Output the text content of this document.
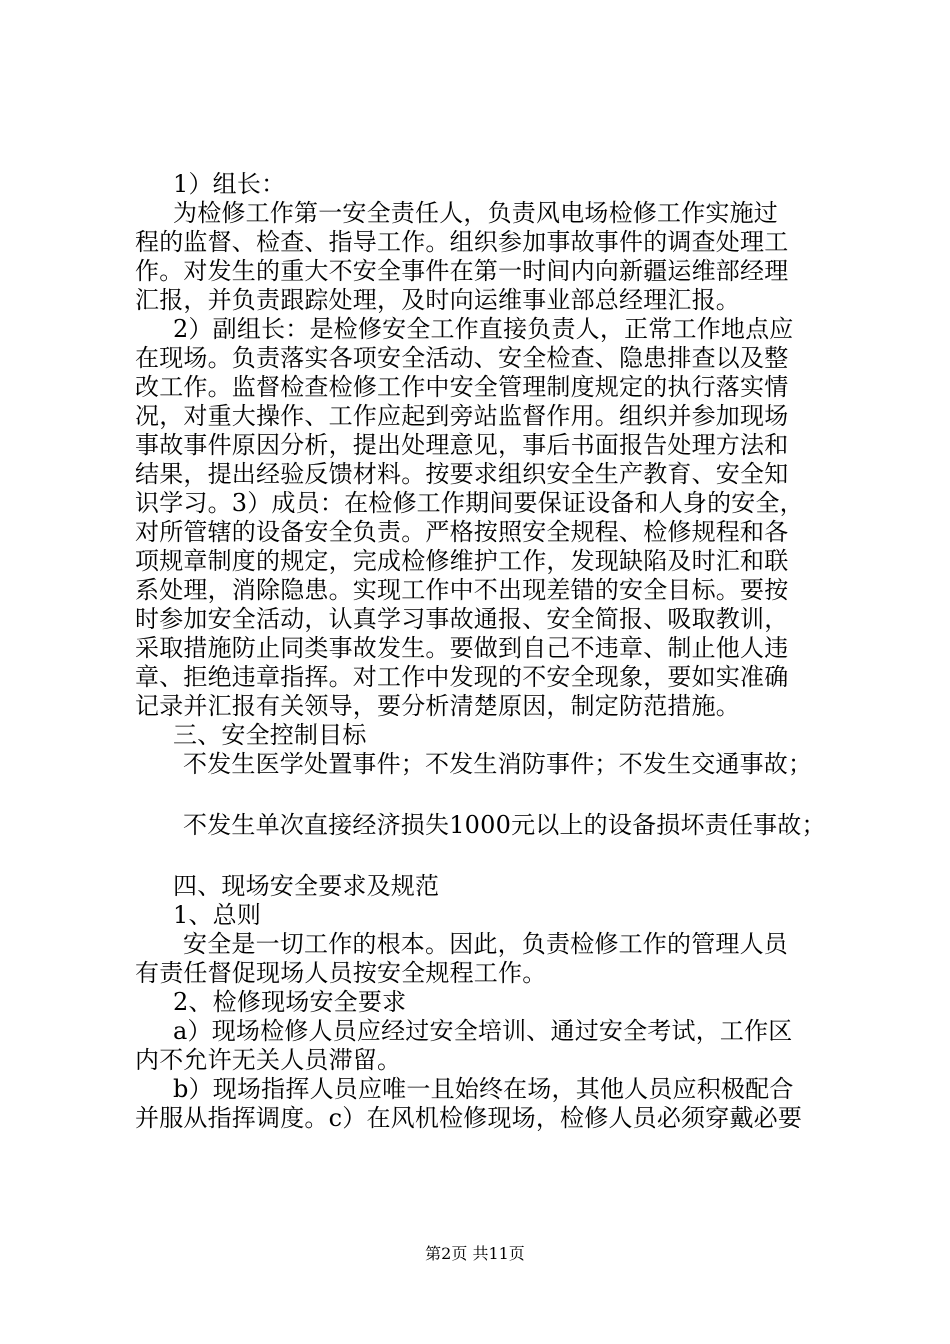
1）组长：
为检修工作第一安全责任人，负责风电场检修工作实施过
程的监督、检查、指导工作。组织参加事故事件的调查处理工
作。对发生的重大不安全事件在第一时间内向新疆运维部经理
汇报，并负责跟踪处理，及时向运维事业部总经理汇报。
2）副组长：是检修安全工作直接负责人，正常工作地点应
在现场。负责落实各项安全活动、安全检查、隐患排查以及整
改工作。监督检查检修工作中安全管理制度规定的执行落实情
况，对重大操作、工作应起到旁站监督作用。组织并参加现场
事故事件原因分析，提出处理意见，事后书面报告处理方法和
结果，提出经验反馈材料。按要求组织安全生产教育、安全知
识学习。3）成员：在检修工作期间要保证设备和人身的安全，
对所管辖的设备安全负责。严格按照安全规程、检修规程和各
项规章制度的规定，完成检修维护工作，发现缺陷及时汇和联
系处理，消除隐患。实现工作中不出现差错的安全目标。要按
时参加安全活动，认真学习事故通报、安全简报、吸取教训，
采取措施防止同类事故发生。要做到自己不违章、制止他人违
章、拒绝违章指挥。对工作中发现的不安全现象，要如实准确
记录并汇报有关领导，要分析清楚原因，制定防范措施。
三、安全控制目标
不发生医学处置事件；不发生消防事件；不发生交通事故；
不发生单次直接经济损失1000元以上的设备损坏责任事故；
四、现场安全要求及规范
1、总则
安全是一切工作的根本。因此，负责检修工作的管理人员
有责任督促现场人员按安全规程工作。
2、检修现场安全要求
a）现场检修人员应经过安全培训、通过安全考试，工作区
内不允许无关人员滞留。
b）现场指挥人员应唯一且始终在场，其他人员应积极配合
并服从指挥调度。c）在风机检修现场，检修人员必须穿戴必要
第2页 共11页
